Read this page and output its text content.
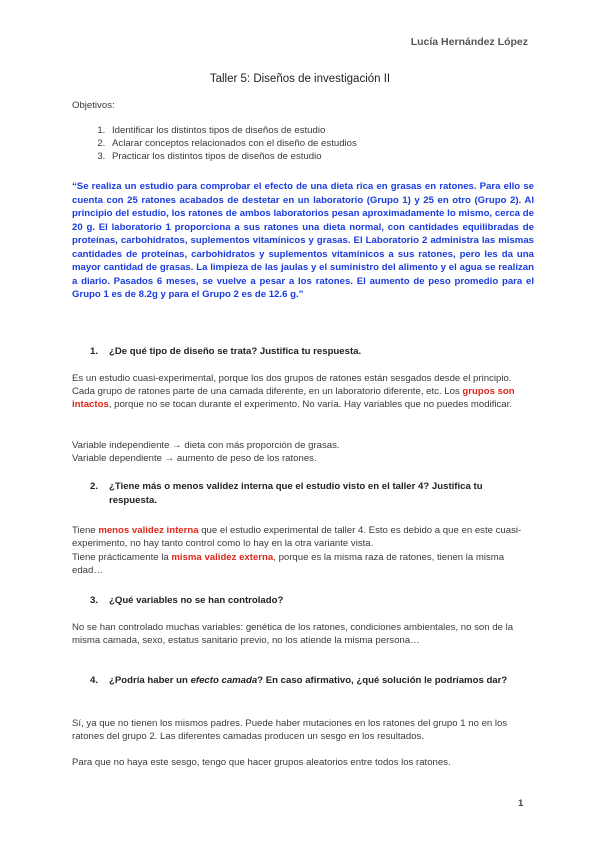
Lucía Hernández López
Taller 5: Diseños de investigación II
Objetivos:
1. Identificar los distintos tipos de diseños de estudio
2. Aclarar conceptos relacionados con el diseño de estudios
3. Practicar los distintos tipos de diseños de estudio
“Se realiza un estudio para comprobar el efecto de una dieta rica en grasas en ratones. Para ello se cuenta con 25 ratones acabados de destetar en un laboratorio (Grupo 1) y 25 en otro (Grupo 2). Al principio del estudio, los ratones de ambos laboratorios pesan aproximadamente lo mismo, cerca de 20 g. El laboratorio 1 proporciona a sus ratones una dieta normal, con cantidades equilibradas de proteínas, carbohidratos, suplementos vitamínicos y grasas. El Laboratorio 2 administra las mismas cantidades de proteínas, carbohidratos y suplementos vitamínicos a sus ratones, pero les da una mayor cantidad de grasas. La limpieza de las jaulas y el suministro del alimento y el agua se realizan a diario. Pasados 6 meses, se vuelve a pesar a los ratones. El aumento de peso promedio para el Grupo 1 es de 8.2g y para el Grupo 2 es de 12.6 g.”
1. ¿De qué tipo de diseño se trata? Justifica tu respuesta.
Es un estudio cuasi-experimental, porque los dos grupos de ratones están sesgados desde el principio. Cada grupo de ratones parte de una camada diferente, en un laboratorio diferente, etc. Los grupos son intactos, porque no se tocan durante el experimento. No varía. Hay variables que no puedes modificar.
Variable independiente → dieta con más proporción de grasas.
Variable dependiente → aumento de peso de los ratones.
2. ¿Tiene más o menos validez interna que el estudio visto en el taller 4? Justifica tu respuesta.
Tiene menos validez interna que el estudio experimental de taller 4. Esto es debido a que en este cuasi-experimento, no hay tanto control como lo hay en la otra variante vista.
Tiene prácticamente la misma validez externa, porque es la misma raza de ratones, tienen la misma edad…
3. ¿Qué variables no se han controlado?
No se han controlado muchas variables: genética de los ratones, condiciones ambientales, no son de la misma camada, sexo, estatus sanitario previo, no los atiende la misma persona…
4. ¿Podría haber un efecto camada? En caso afirmativo, ¿qué solución le podríamos dar?
Sí, ya que no tienen los mismos padres. Puede haber mutaciones en los ratones del grupo 1 no en los ratones del grupo 2. Las diferentes camadas producen un sesgo en los resultados.
Para que no haya este sesgo, tengo que hacer grupos aleatorios entre todos los ratones.
1
